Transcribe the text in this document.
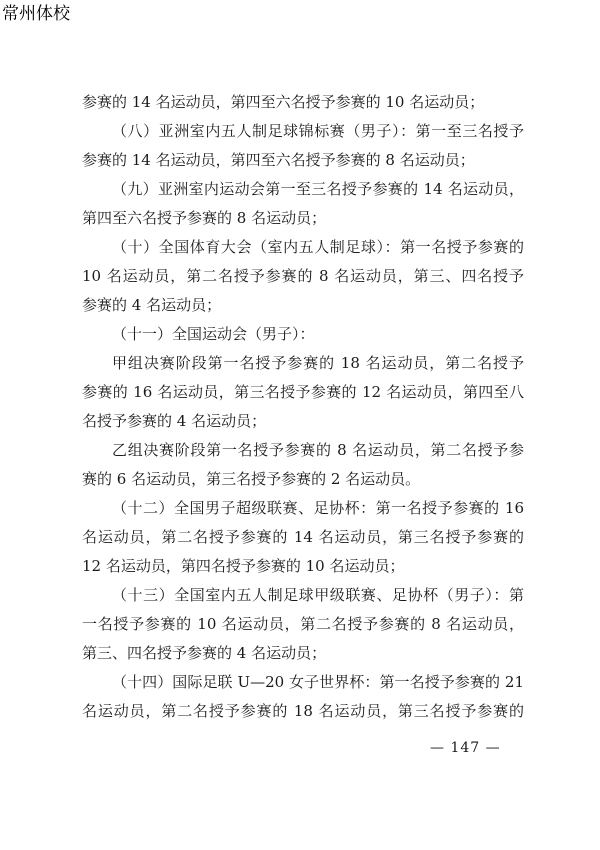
常州体校
参赛的 14 名运动员，第四至六名授予参赛的 10 名运动员；
（八）亚洲室内五人制足球锦标赛（男子）：第一至三名授予
参赛的 14 名运动员，第四至六名授予参赛的 8 名运动员；
（九）亚洲室内运动会第一至三名授予参赛的 14 名运动员，
第四至六名授予参赛的 8 名运动员；
（十）全国体育大会（室内五人制足球）：第一名授予参赛的
10 名运动员，第二名授予参赛的 8 名运动员，第三、四名授予
参赛的 4 名运动员；
（十一）全国运动会（男子）：
甲组决赛阶段第一名授予参赛的 18 名运动员，第二名授予
参赛的 16 名运动员，第三名授予参赛的 12 名运动员，第四至八
名授予参赛的 4 名运动员；
乙组决赛阶段第一名授予参赛的 8 名运动员，第二名授予参
赛的 6 名运动员，第三名授予参赛的 2 名运动员。
（十二）全国男子超级联赛、足协杯：第一名授予参赛的 16
名运动员，第二名授予参赛的 14 名运动员，第三名授予参赛的
12 名运动员，第四名授予参赛的 10 名运动员；
（十三）全国室内五人制足球甲级联赛、足协杯（男子）：第
一名授予参赛的 10 名运动员，第二名授予参赛的 8 名运动员，
第三、四名授予参赛的 4 名运动员；
（十四）国际足联 U—20 女子世界杯：第一名授予参赛的 21
名运动员，第二名授予参赛的 18 名运动员，第三名授予参赛的
— 147 —
